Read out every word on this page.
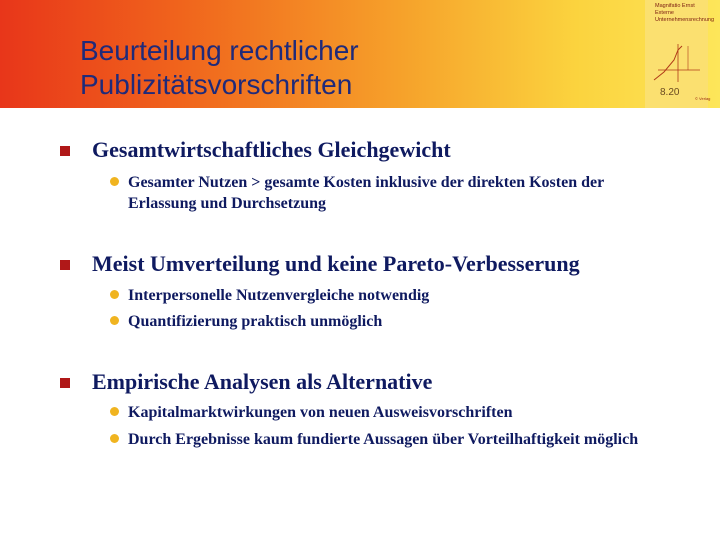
Beurteilung rechtlicher
Publizitätsvorschriften
Magnifatio Ernst
Externe
Unternehmensrechnung
8.20
© Verlag
Gesamtwirtschaftliches Gleichgewicht
Gesamter Nutzen > gesamte Kosten inklusive der direkten Kosten der Erlassung und Durchsetzung
Meist Umverteilung und keine Pareto-Verbesserung
Interpersonelle Nutzenvergleiche notwendig
Quantifizierung praktisch unmöglich
Empirische Analysen als Alternative
Kapitalmarktwirkungen von neuen Ausweisvorschriften
Durch Ergebnisse kaum fundierte Aussagen über Vorteilhaftigkeit möglich
